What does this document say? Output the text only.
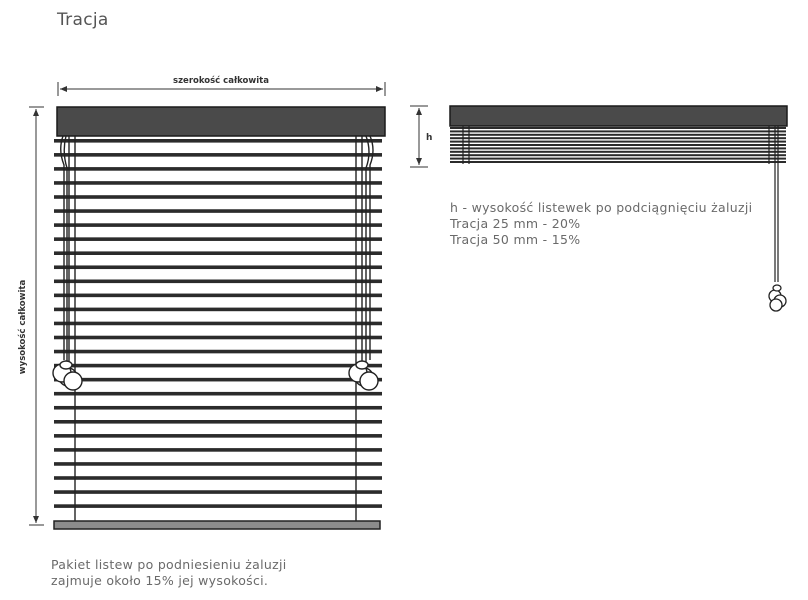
Tracja
szerokość całkowita
wysokość całkowita
h
h - wysokość listewek po podciągnięciu żaluzji
Tracja 25 mm - 20%
Tracja 50 mm - 15%
Pakiet listew po podniesieniu żaluzji
zajmuje około 15% jej wysokości.
